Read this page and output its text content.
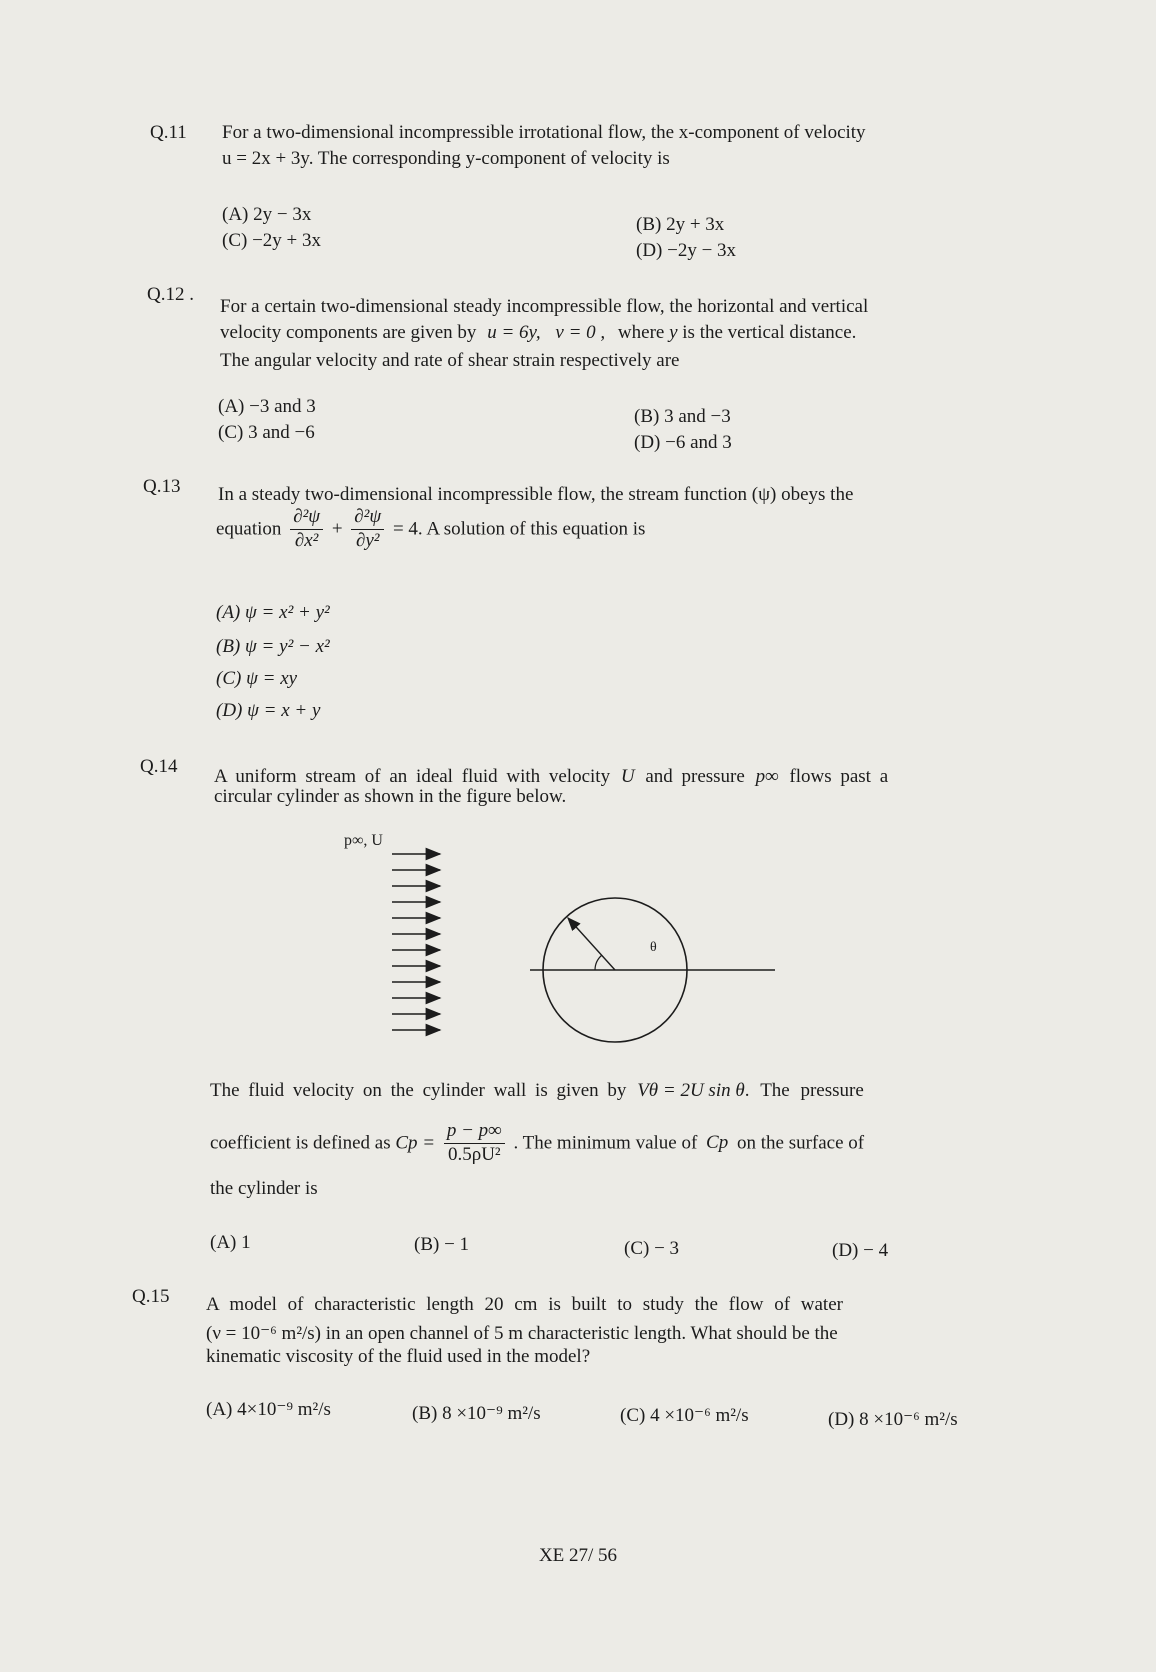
Q.11 For a two-dimensional incompressible irrotational flow, the x-component of velocity
u = 2x + 3y. The corresponding y-component of velocity is
(A) 2y − 3x	(B) 2y + 3x
(C) −2y + 3x	(D) −2y − 3x
Q.12 .
For a certain two-dimensional steady incompressible flow, the horizontal and vertical
velocity components are given by u = 6y, v = 0 , where y is the vertical distance.
The angular velocity and rate of shear strain respectively are
(A) −3 and 3	(B) 3 and −3
(C) 3 and −6	(D) −6 and 3
Q.13 In a steady two-dimensional incompressible flow, the stream function (ψ) obeys the
equation $\frac{\text{∂²ψ}}{\text{∂x²}} + \frac{\text{∂²ψ}}{\text{∂y²}} = 4$. A solution of this equation is
(A) ψ = x² + y²
(B) ψ = y² − x²
(C) ψ = xy
(D) ψ = x + y
Q.14 A uniform stream of an ideal fluid with velocity U and pressure p∞ flows past a
circular cylinder as shown in the figure below.
p∞, U
θ
The fluid velocity on the cylinder wall is given by Vθ = 2U sin θ. The pressure
coefficient is defined as $Cp = \frac{p - p\infty}{\text{0.5ρU²}}$ . The minimum value of Cp on the surface of
the cylinder is
(A) 1	(B) − 1	(C) − 3	(D) − 4
Q.15 A model of characteristic length 20 cm is built to study the flow of water
(ν = 10⁻⁶ m²/s) in an open channel of 5 m characteristic length. What should be the
kinematic viscosity of the fluid used in the model?
(A) 4×10⁻⁹ m²/s	(B) 8 ×10⁻⁹ m²/s	(C) 4 ×10⁻⁶ m²/s	(D) 8 ×10⁻⁶ m²/s
XE 27/ 56
